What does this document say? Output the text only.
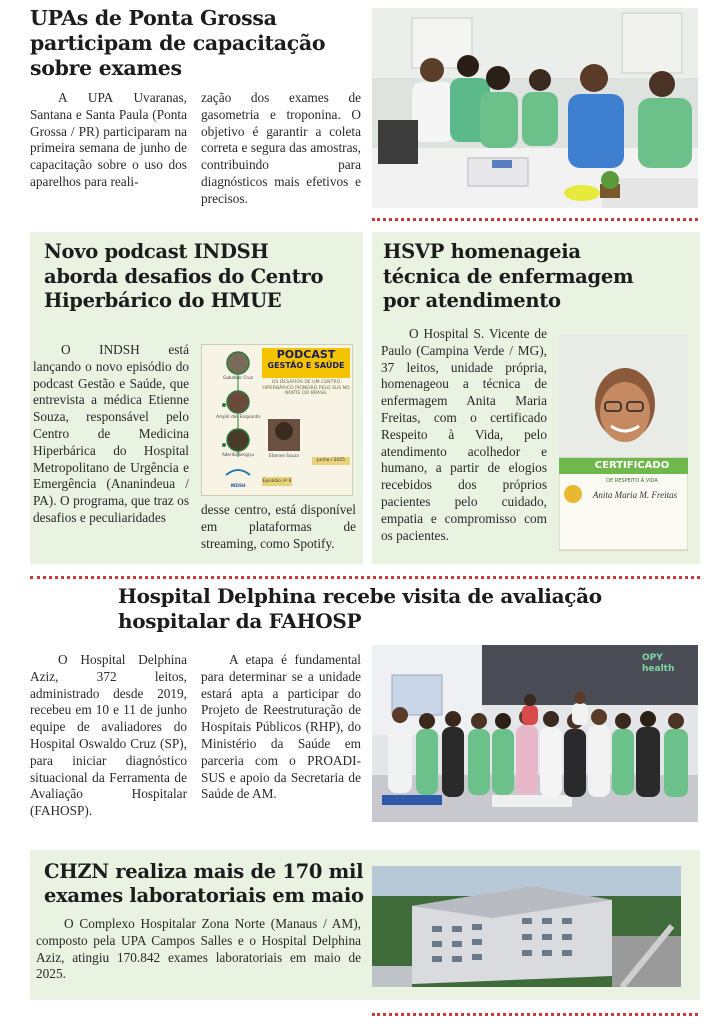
UPAs de Ponta Grossa
participam de capacitação
sobre exames
A UPA Uvaranas, Santana e Santa Paula (Ponta Grossa / PR) participaram na primeira semana de junho de capacitação sobre o uso dos aparelhos para reali-
zação dos exames de gasometria e troponina. O objetivo é garantir a coleta correta e segura das amostras, contribuindo para diagnósticos mais efetivos e precisos.
Novo podcast INDSH
aborda desafios do Centro
Hiperbárico do HMUE
O INDSH está lançando o novo episódio do podcast Gestão e Saúde, que entrevista a médica Etienne Souza, responsável pelo Centro de Medicina Hiperbárica do Hospital Metropolitano de Urgência e Emergência (Ananindeua / PA). O programa, que traz os desafios e peculiaridades
desse centro, está disponível em plataformas de streaming, como Spotify.
PODCAST
GESTÃO E SAÚDE
OS DESAFIOS DE UM CENTRO HIPERBÁRICO PIONEIRO PELO SUS NO NORTE DO BRASIL
Gabalber Cruz
Amplir dos Enquanto
Aderito Sergiyu	Etienne Souza
Junho / 2025
Episódio nº 6
INDSH
HSVP homenageia
técnica de enfermagem
por atendimento
O Hospital S. Vicente de Paulo (Campina Verde / MG), 37 leitos, unidade própria, homenageou a técnica de enfermagem Anita Maria Freitas, com o certificado Respeito à Vida, pelo atendimento acolhedor e humano, a partir de elogios recebidos dos próprios pacientes pelo cuidado, empatia e compromisso com os pacientes.
CERTIFICADO
DE RESPEITO À VIDA
Anita Maria M. Freitas
Hospital Delphina recebe visita de avaliação
hospitalar da FAHOSP
O Hospital Delphina Aziz, 372 leitos, administrado desde 2019, recebeu em 10 e 11 de junho equipe de avaliadores do Hospital Oswaldo Cruz (SP), para iniciar diagnóstico situacional da Ferramenta de Avaliação Hospitalar (FAHOSP).
A etapa é fundamental para determinar se a unidade estará apta a participar do Projeto de Reestruturação de Hospitais Públicos (RHP), do Ministério da Saúde em parceria com o PROADI-SUS e apoio da Secretaria de Saúde de AM.
OPY health
CHZN realiza mais de 170 mil
exames laboratoriais em maio
O Complexo Hospitalar Zona Norte (Manaus / AM), composto pela UPA Campos Salles e o Hospital Delphina Aziz, atingiu 170.842 exames laboratoriais em maio de 2025.
